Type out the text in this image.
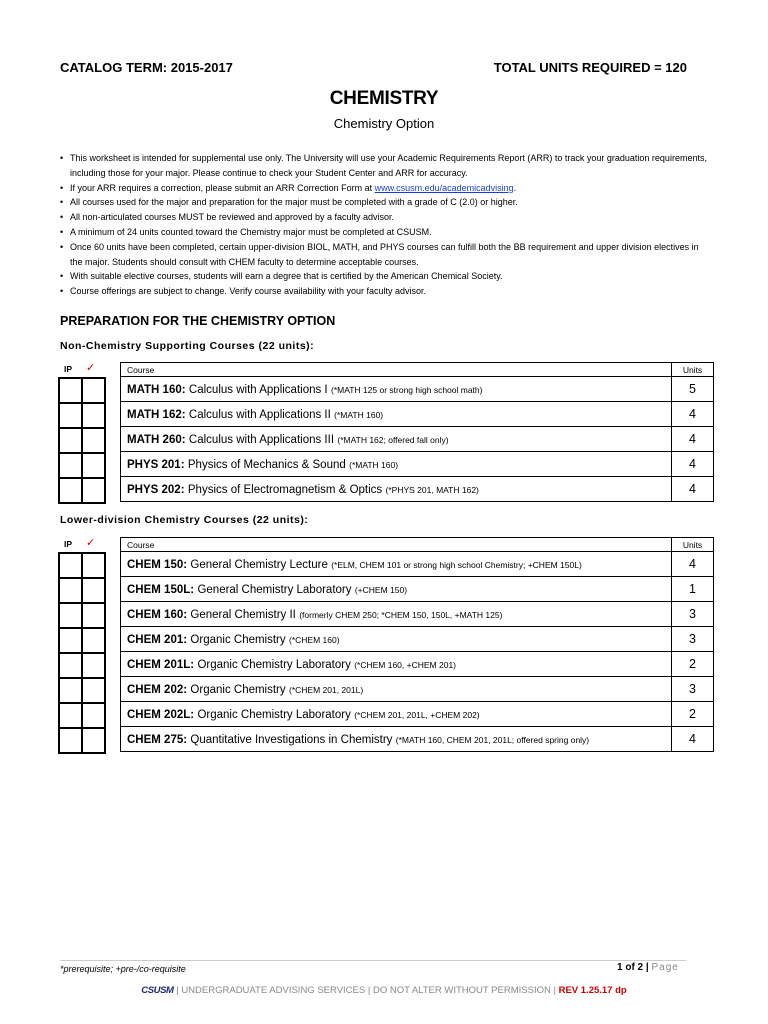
CATALOG TERM: 2015-2017	TOTAL UNITS REQUIRED = 120
CHEMISTRY
Chemistry Option
• This worksheet is intended for supplemental use only. The University will use your Academic Requirements Report (ARR) to track your graduation requirements, including those for your major. Please continue to check your Student Center and ARR for accuracy.
• If your ARR requires a correction, please submit an ARR Correction Form at www.csusm.edu/academicadvising.
• All courses used for the major and preparation for the major must be completed with a grade of C (2.0) or higher.
• All non-articulated courses MUST be reviewed and approved by a faculty advisor.
• A minimum of 24 units counted toward the Chemistry major must be completed at CSUSM.
• Once 60 units have been completed, certain upper-division BIOL, MATH, and PHYS courses can fulfill both the BB requirement and upper division electives in the major. Students should consult with CHEM faculty to determine acceptable courses.
• With suitable elective courses, students will earn a degree that is certified by the American Chemical Society.
• Course offerings are subject to change. Verify course availability with your faculty advisor.
PREPARATION FOR THE CHEMISTRY OPTION
Non-Chemistry Supporting Courses (22 units):
IP ✓

		Course	Units
MATH 160: Calculus with Applications I (*MATH 125 or strong high school math)	5
MATH 162: Calculus with Applications II (*MATH 160)	4
MATH 260: Calculus with Applications III (*MATH 162; offered fall only)	4
PHYS 201: Physics of Mechanics & Sound (*MATH 160)	4
PHYS 202: Physics of Electromagnetism & Optics (*PHYS 201, MATH 162)	4
Lower-division Chemistry Courses (22 units):
IP ✓

		Course	Units
CHEM 150: General Chemistry Lecture (*ELM, CHEM 101 or strong high school Chemistry; +CHEM 150L)	4
CHEM 150L: General Chemistry Laboratory (+CHEM 150)	1
CHEM 160: General Chemistry II (formerly CHEM 250; *CHEM 150, 150L, +MATH 125)	3
CHEM 201: Organic Chemistry (*CHEM 160)	3
CHEM 201L: Organic Chemistry Laboratory (*CHEM 160, +CHEM 201)	2
CHEM 202: Organic Chemistry (*CHEM 201, 201L)	3
CHEM 202L: Organic Chemistry Laboratory (*CHEM 201, 201L, +CHEM 202)	2
CHEM 275: Quantitative Investigations in Chemistry (*MATH 160, CHEM 201, 201L; offered spring only)	4
*prerequisite; +pre-/co-requisite	1 of 2 | Page
CSUSM | UNDERGRADUATE ADVISING SERVICES | DO NOT ALTER WITHOUT PERMISSION | REV 1.25.17 dp
